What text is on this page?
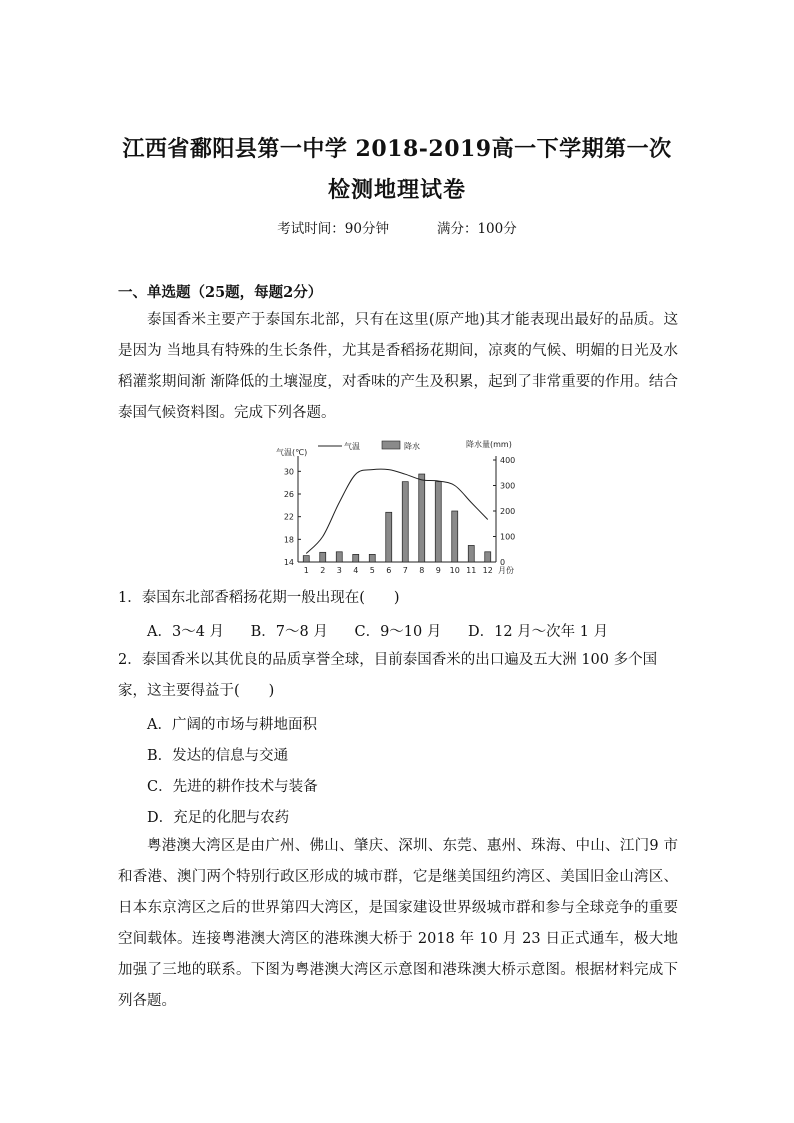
江西省鄱阳县第一中学 2018-2019高一下学期第一次
检测地理试卷
考试时间：90分钟	满分：100分
一、单选题（25题，每题2分）
泰国香米主要产于泰国东北部，只有在这里(原产地)其才能表现出最好的品质。这是因为 当地具有特殊的生长条件，尤其是香稻扬花期间，凉爽的气候、明媚的日光及水稻灌浆期间渐 渐降低的土壤湿度，对香味的产生及积累，起到了非常重要的作用。结合泰国气候资料图。完成下列各题。
14
18
22
26
30
0
100
200
300
400
气温(℃)
降水量(mm)
气温	降水
1 2 3 4 5 6 7 8 9 10 11 12 月份
1．泰国东北部香稻扬花期一般出现在(　　)
A．3～4 月 B．7～8 月 C．9～10 月 D．12 月～次年 1 月
2．泰国香米以其优良的品质享誉全球，目前泰国香米的出口遍及五大洲 100 多个国家，这主要得益于(　　)
A．广阔的市场与耕地面积
B．发达的信息与交通
C．先进的耕作技术与装备
D．充足的化肥与农药
粤港澳大湾区是由广州、佛山、肇庆、深圳、东莞、惠州、珠海、中山、江门9 市和香港、澳门两个特别行政区形成的城市群，它是继美国纽约湾区、美国旧金山湾区、日本东京湾区之后的世界第四大湾区，是国家建设世界级城市群和参与全球竞争的重要空间载体。连接粤港澳大湾区的港珠澳大桥于 2018 年 10 月 23 日正式通车，极大地加强了三地的联系。下图为粤港澳大湾区示意图和港珠澳大桥示意图。根据材料完成下列各题。
